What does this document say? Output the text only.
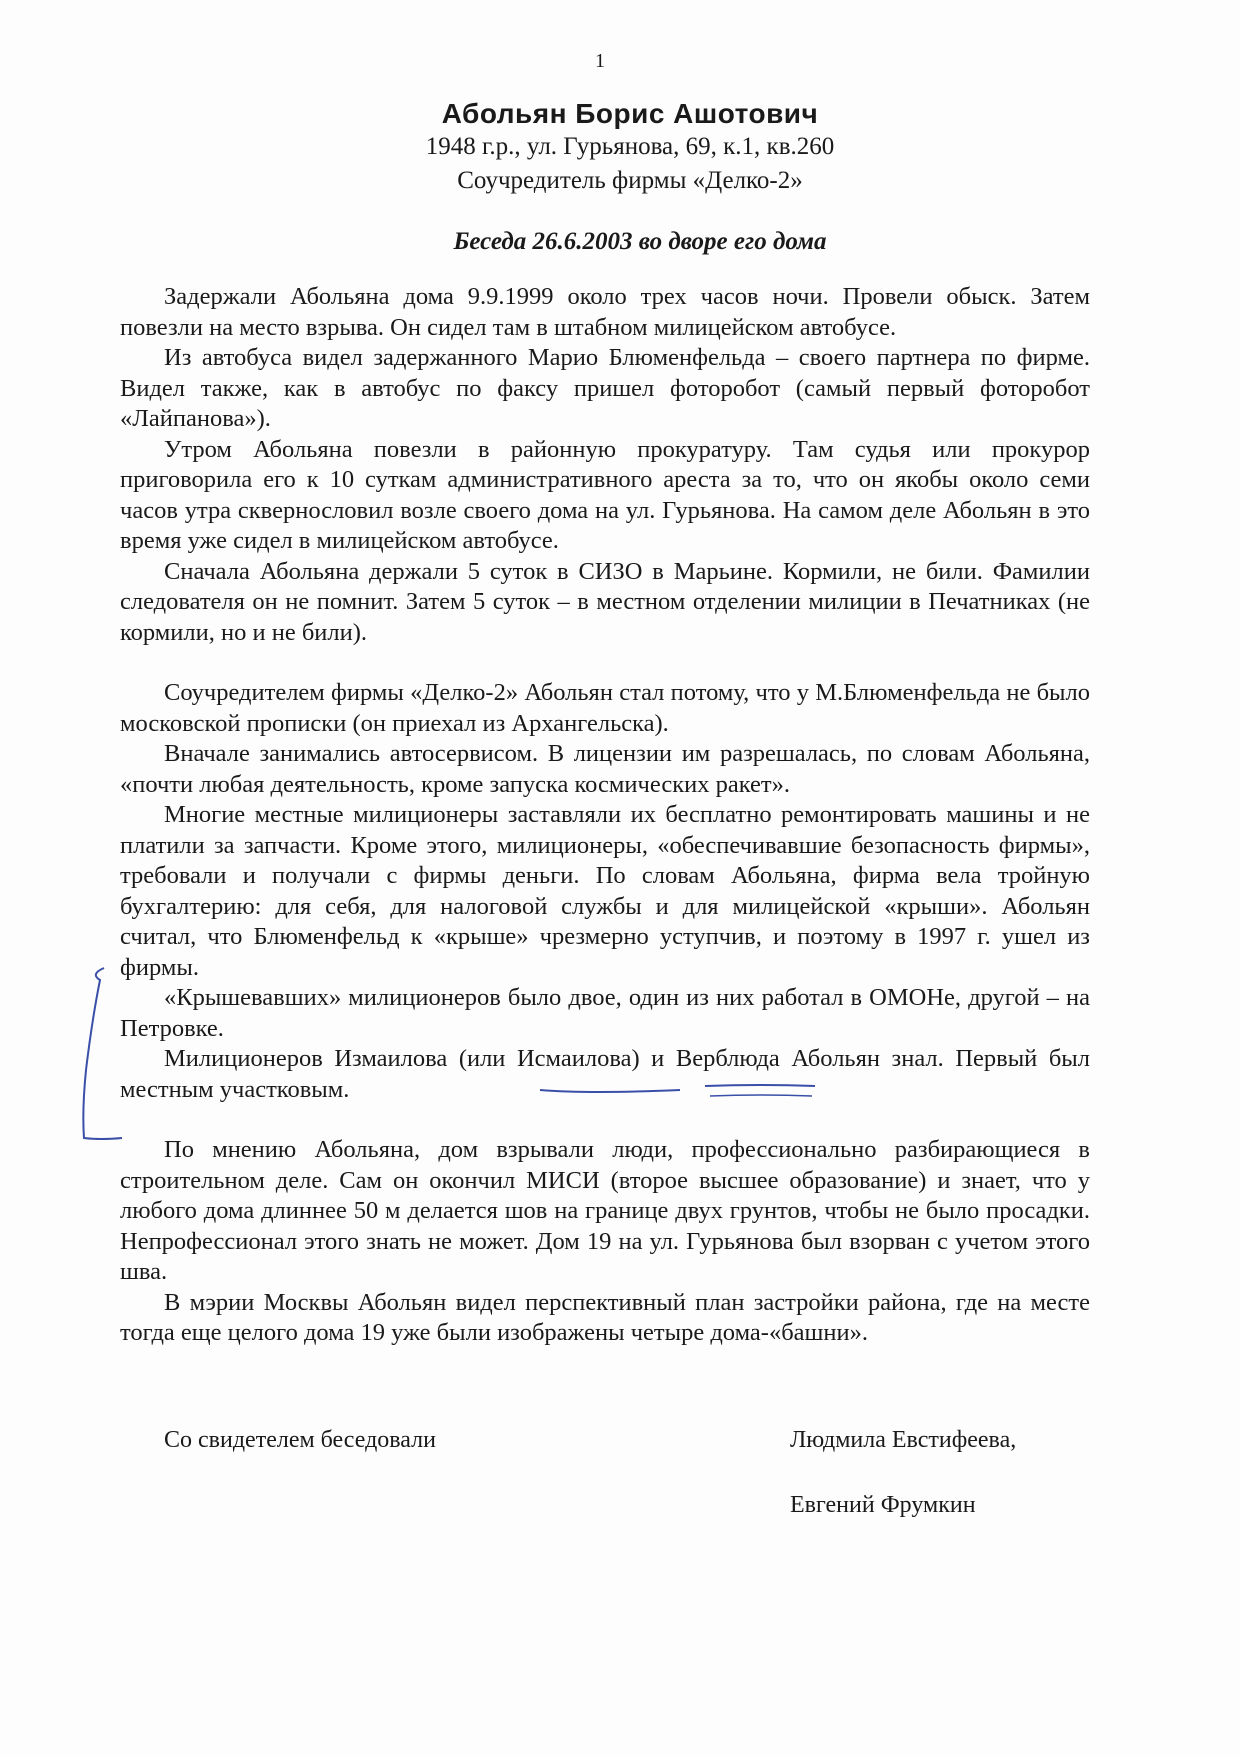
1
Абольян Борис Ашотович
1948 г.р., ул. Гурьянова, 69, к.1, кв.260
Соучредитель фирмы «Делко-2»
Беседа 26.6.2003 во дворе его дома

Задержали Абольяна дома 9.9.1999 около трех часов ночи. Провели обыск. Затем повезли на место взрыва. Он сидел там в штабном милицейском автобусе.

Из автобуса видел задержанного Марио Блюменфельда – своего партнера по фирме. Видел также, как в автобус по факсу пришел фоторобот (самый первый фоторобот «Лайпанова»).

Утром Абольяна повезли в районную прокуратуру. Там судья или прокурор приговорила его к 10 суткам административного ареста за то, что он якобы около семи часов утра сквернословил возле своего дома на ул. Гурьянова. На самом деле Абольян в это время уже сидел в милицейском автобусе.

Сначала Абольяна держали 5 суток в СИЗО в Марьине. Кормили, не били. Фамилии следователя он не помнит. Затем 5 суток – в местном отделении милиции в Печатниках (не кормили, но и не били).

Соучредителем фирмы «Делко-2» Абольян стал потому, что у М.Блюменфельда не было московской прописки (он приехал из Архангельска).

Вначале занимались автосервисом. В лицензии им разрешалась, по словам Абольяна, «почти любая деятельность, кроме запуска космических ракет».

Многие местные милиционеры заставляли их бесплатно ремонтировать машины и не платили за запчасти. Кроме этого, милиционеры, «обеспечивавшие безопасность фирмы», требовали и получали с фирмы деньги. По словам Абольяна, фирма вела тройную бухгалтерию: для себя, для налоговой службы и для милицейской «крыши». Абольян считал, что Блюменфельд к «крыше» чрезмерно уступчив, и поэтому в 1997 г. ушел из фирмы.

«Крышевавших» милиционеров было двое, один из них работал в ОМОНе, другой – на Петровке.

Милиционеров Измаилова (или Исмаилова) и Верблюда Абольян знал. Первый был местным участковым.

По мнению Абольяна, дом взрывали люди, профессионально разбирающиеся в строительном деле. Сам он окончил МИСИ (второе высшее образование) и знает, что у любого дома длиннее 50 м делается шов на границе двух грунтов, чтобы не было просадки. Непрофессионал этого знать не может. Дом 19 на ул. Гурьянова был взорван с учетом этого шва.

В мэрии Москвы Абольян видел перспективный план застройки района, где на месте тогда еще целого дома 19 уже были изображены четыре дома-«башни».

Со свидетелем беседовали	Людмила Евстифеева,
Евгений Фрумкин
